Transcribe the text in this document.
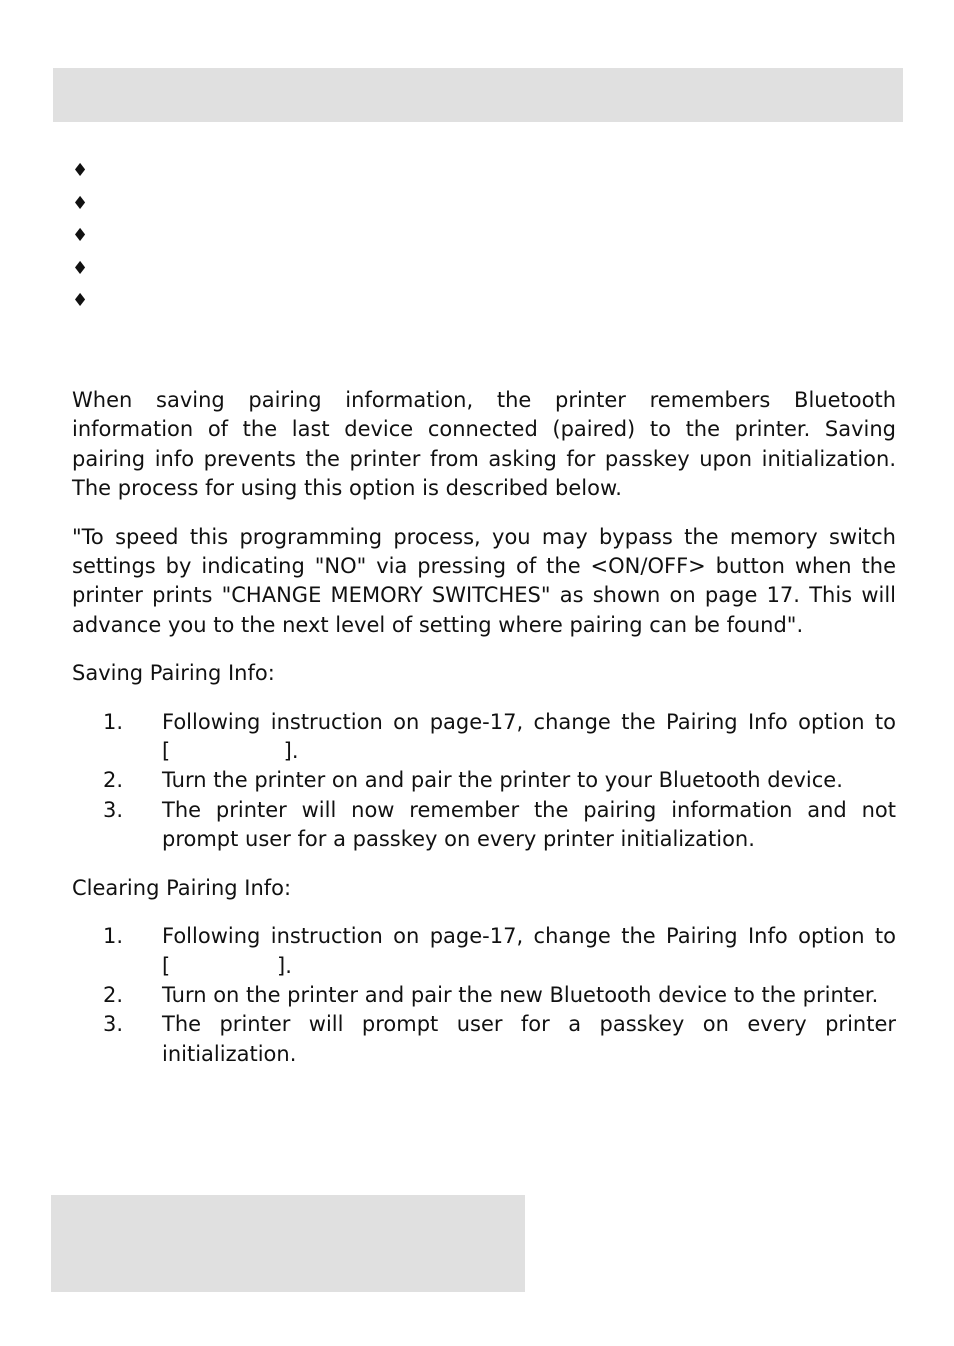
♦
♦
♦
♦
♦

When saving pairing information, the printer remembers Bluetooth information of the last device connected (paired) to the printer. Saving pairing info prevents the printer from asking for passkey upon initialization. The process for using this option is described below.

"To speed this programming process, you may bypass the memory switch settings by indicating "NO" via pressing of the <ON/OFF> button when the printer prints "CHANGE MEMORY SWITCHES" as shown on page 17. This will advance you to the next level of setting where pairing can be found".

Saving Pairing Info:

1.	Following instruction on page-17, change the Pairing Info option to [                 ].
2.	Turn the printer on and pair the printer to your Bluetooth device.
3.	The printer will now remember the pairing information and not prompt user for a passkey on every printer initialization.

Clearing Pairing Info:

1.	Following instruction on page-17, change the Pairing Info option to [                ].
2.	Turn on the printer and pair the new Bluetooth device to the printer.
3.	The printer will prompt user for a passkey on every printer initialization.
